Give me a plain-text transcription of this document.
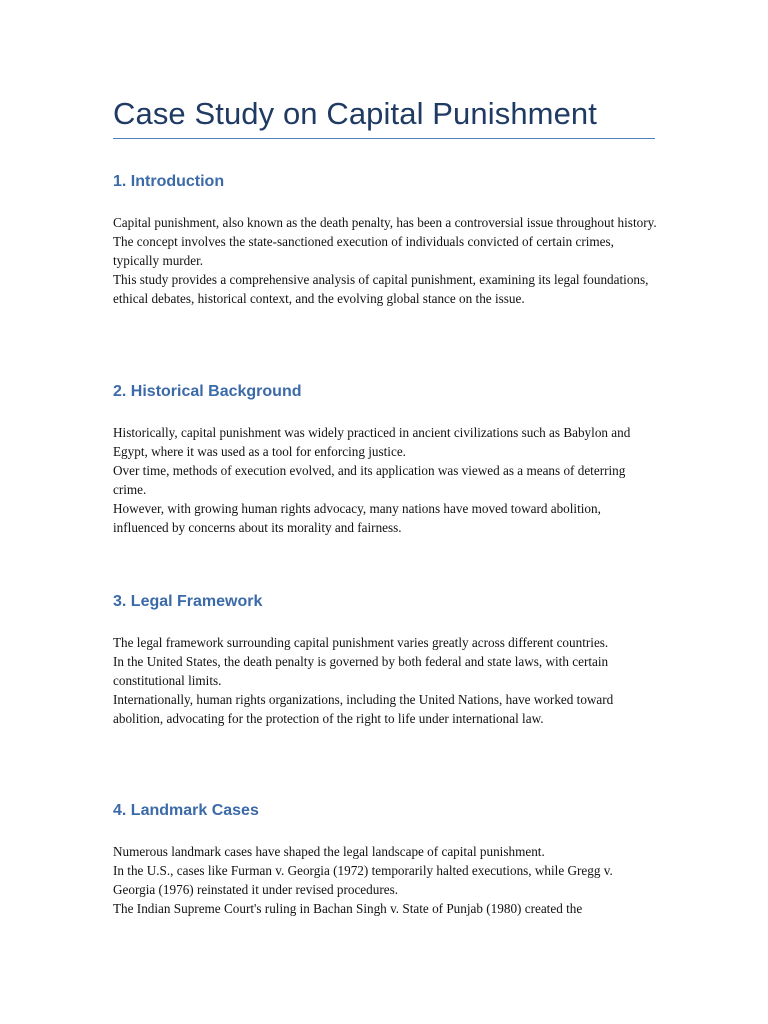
Case Study on Capital Punishment
1. Introduction

Capital punishment, also known as the death penalty, has been a controversial issue throughout history.

The concept involves the state-sanctioned execution of individuals convicted of certain crimes, typically murder.

This study provides a comprehensive analysis of capital punishment, examining its legal foundations, ethical debates, historical context, and the evolving global stance on the issue.

2. Historical Background

Historically, capital punishment was widely practiced in ancient civilizations such as Babylon and Egypt, where it was used as a tool for enforcing justice.

Over time, methods of execution evolved, and its application was viewed as a means of deterring crime.

However, with growing human rights advocacy, many nations have moved toward abolition, influenced by concerns about its morality and fairness.

3. Legal Framework

The legal framework surrounding capital punishment varies greatly across different countries.

In the United States, the death penalty is governed by both federal and state laws, with certain constitutional limits.

Internationally, human rights organizations, including the United Nations, have worked toward abolition, advocating for the protection of the right to life under international law.

4. Landmark Cases

Numerous landmark cases have shaped the legal landscape of capital punishment.

In the U.S., cases like Furman v. Georgia (1972) temporarily halted executions, while Gregg v. Georgia (1976) reinstated it under revised procedures.

The Indian Supreme Court's ruling in Bachan Singh v. State of Punjab (1980) created the
